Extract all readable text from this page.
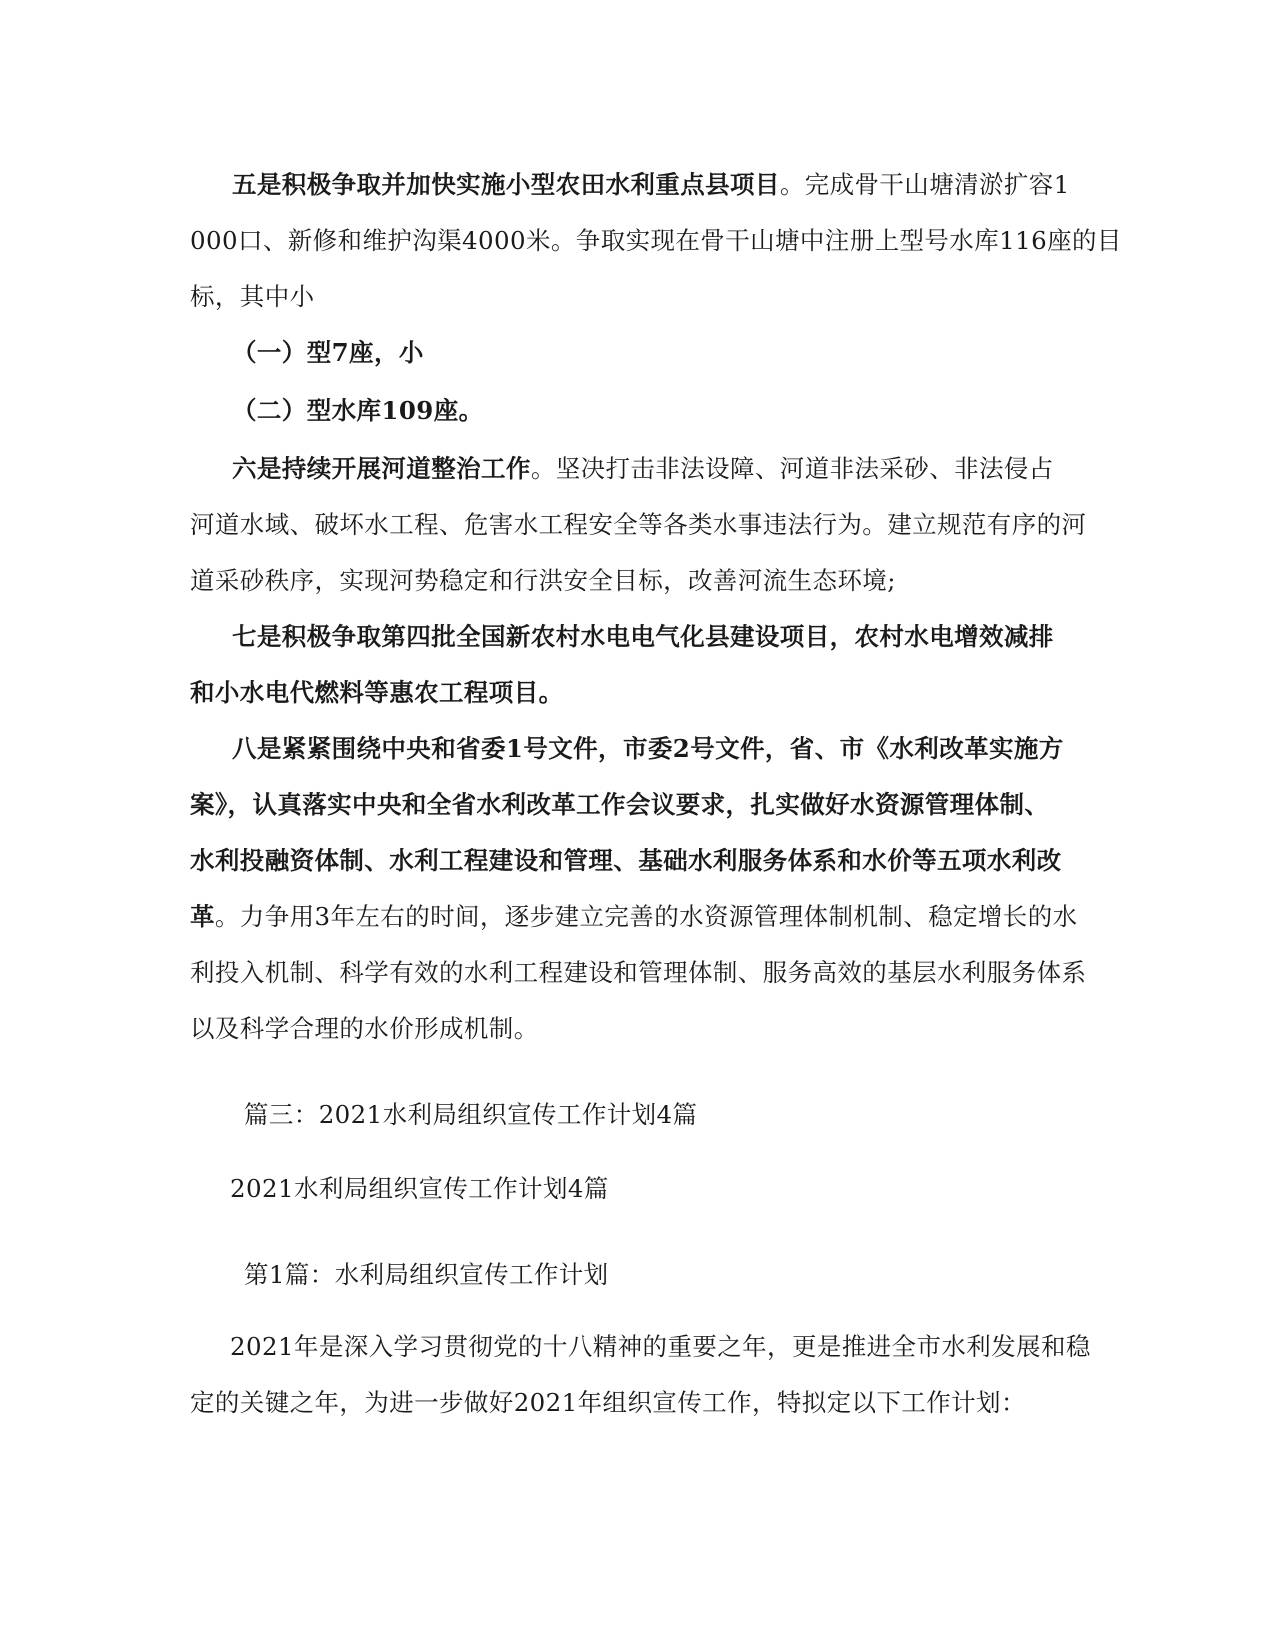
五是积极争取并加快实施小型农田水利重点县项目。完成骨干山塘清淤扩容1
000口、新修和维护沟渠4000米。争取实现在骨干山塘中注册上型号水库116座的目
标，其中小
（一）型7座，小
（二）型水库109座。
六是持续开展河道整治工作。坚决打击非法设障、河道非法采砂、非法侵占
河道水域、破坏水工程、危害水工程安全等各类水事违法行为。建立规范有序的河
道采砂秩序，实现河势稳定和行洪安全目标，改善河流生态环境;
七是积极争取第四批全国新农村水电电气化县建设项目，农村水电增效减排
和小水电代燃料等惠农工程项目。
八是紧紧围绕中央和省委1号文件，市委2号文件，省、市《水利改革实施方
案》，认真落实中央和全省水利改革工作会议要求，扎实做好水资源管理体制、
水利投融资体制、水利工程建设和管理、基础水利服务体系和水价等五项水利改
革。力争用3年左右的时间，逐步建立完善的水资源管理体制机制、稳定增长的水
利投入机制、科学有效的水利工程建设和管理体制、服务高效的基层水利服务体系
以及科学合理的水价形成机制。
篇三：2021水利局组织宣传工作计划4篇
2021水利局组织宣传工作计划4篇
第1篇：水利局组织宣传工作计划
2021年是深入学习贯彻党的十八精神的重要之年，更是推进全市水利发展和稳
定的关键之年，为进一步做好2021年组织宣传工作，特拟定以下工作计划：
